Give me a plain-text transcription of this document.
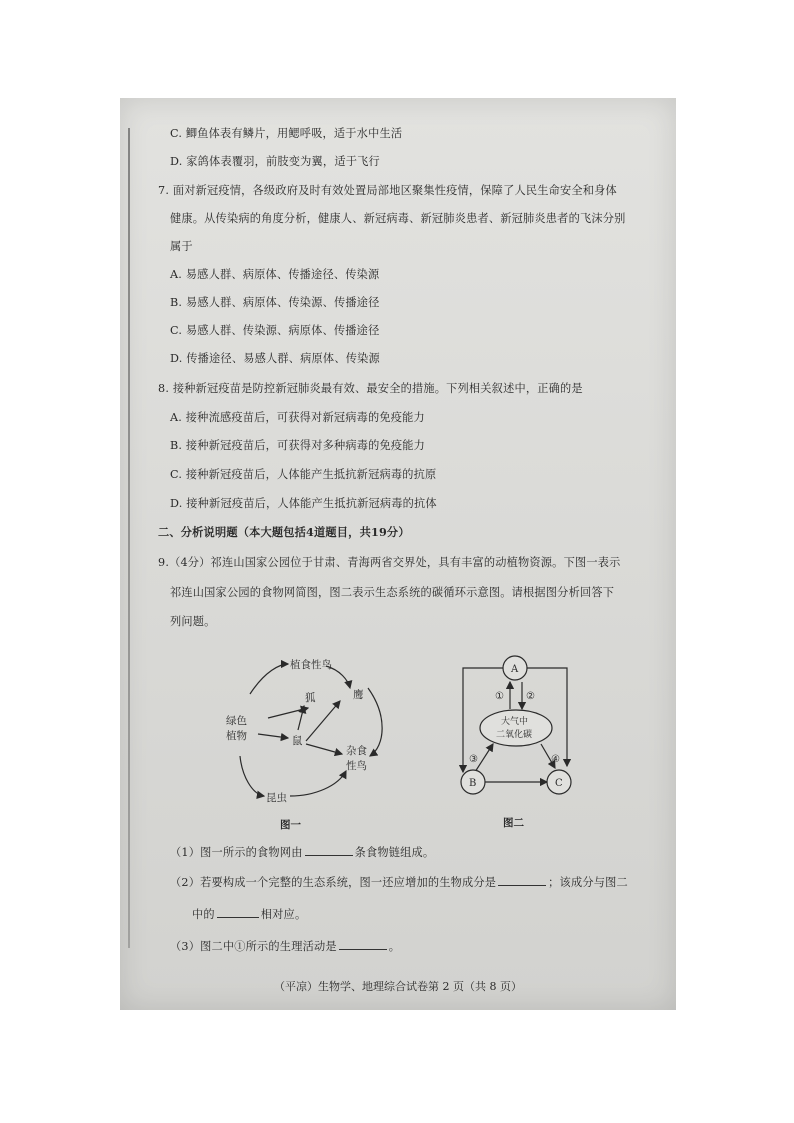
C. 鲫鱼体表有鳞片，用鳃呼吸，适于水中生活
D. 家鸽体表覆羽，前肢变为翼，适于飞行
7. 面对新冠疫情，各级政府及时有效处置局部地区聚集性疫情，保障了人民生命安全和身体
健康。从传染病的角度分析，健康人、新冠病毒、新冠肺炎患者、新冠肺炎患者的飞沫分别
属于
A. 易感人群、病原体、传播途径、传染源
B. 易感人群、病原体、传染源、传播途径
C. 易感人群、传染源、病原体、传播途径
D. 传播途径、易感人群、病原体、传染源
8. 接种新冠疫苗是防控新冠肺炎最有效、最安全的措施。下列相关叙述中，正确的是
A. 接种流感疫苗后，可获得对新冠病毒的免疫能力
B. 接种新冠疫苗后，可获得对多种病毒的免疫能力
C. 接种新冠疫苗后，人体能产生抵抗新冠病毒的抗原
D. 接种新冠疫苗后，人体能产生抵抗新冠病毒的抗体
二、分析说明题（本大题包括4道题目，共19分）
9.（4分）祁连山国家公园位于甘肃、青海两省交界处，具有丰富的动植物资源。下图一表示
祁连山国家公园的食物网简图，图二表示生态系统的碳循环示意图。请根据图分析回答下
列问题。
植食性鸟
狐	鹰
绿色
植物	鼠
杂食
性鸟
昆虫
图一
A
B	C
大气中
二氧化碳
① ②
③	④
图二
（1）图一所示的食物网由	条食物链组成。
（2）若要构成一个完整的生态系统，图一还应增加的生物成分是	；该成分与图二
中的	相对应。
（3）图二中①所示的生理活动是	。
（平凉）生物学、地理综合试卷第 2 页（共 8 页）
